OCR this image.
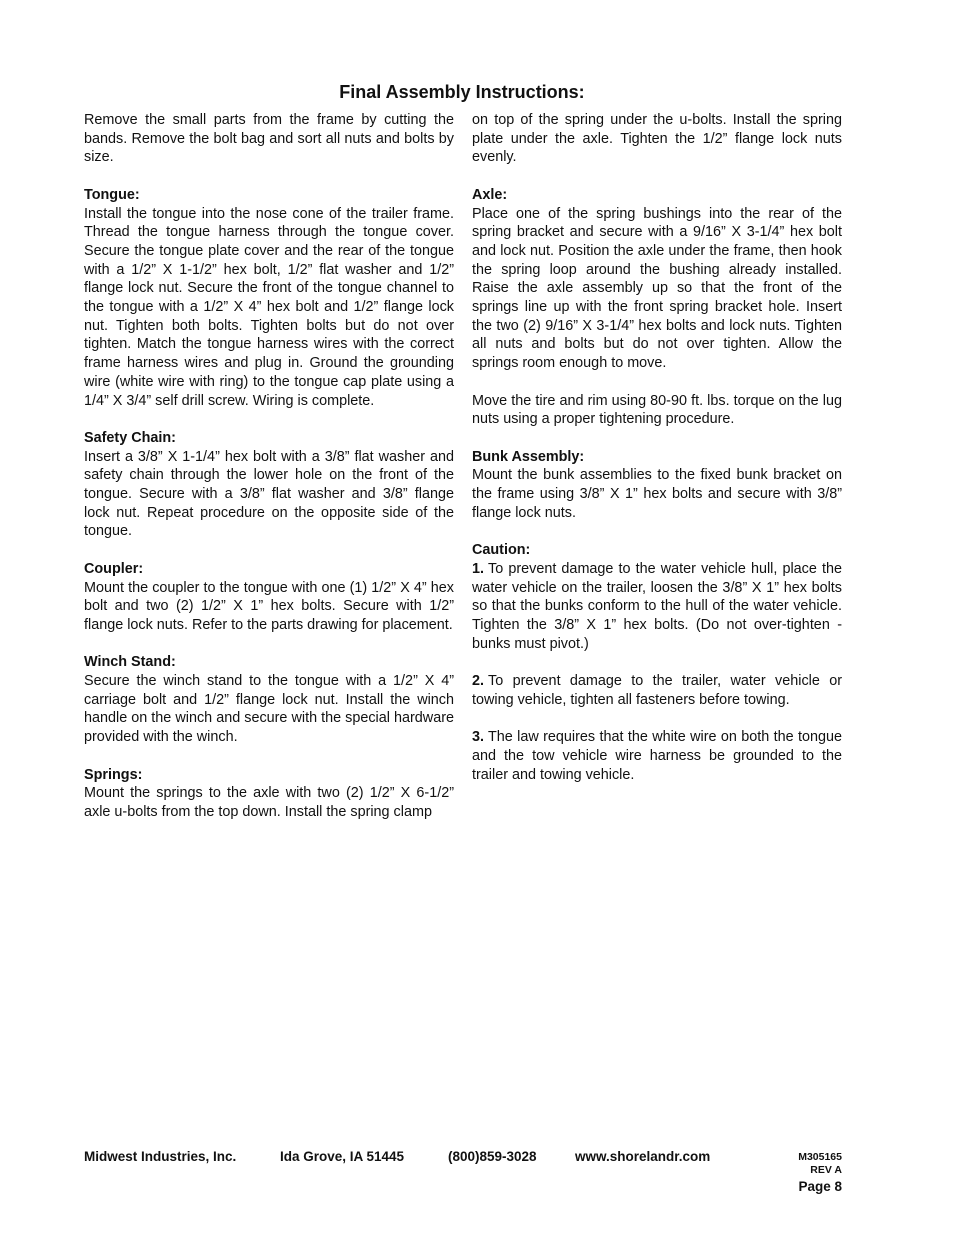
Final Assembly Instructions:

Remove the small parts from the frame by cutting the bands. Remove the bolt bag and sort all nuts and bolts by size.

Tongue:

Install the tongue into the nose cone of the trailer frame. Thread the tongue harness through the tongue cover. Secure the tongue plate cover and the rear of the tongue with a 1/2” X 1-1/2” hex bolt, 1/2” flat washer and 1/2” flange lock nut. Secure the front of the tongue channel to the tongue with a 1/2” X 4” hex bolt and 1/2” flange lock nut. Tighten both bolts. Tighten bolts but do not over tighten. Match the tongue harness wires with the correct frame harness wires and plug in. Ground the grounding wire (white wire with ring) to the tongue cap plate using a 1/4” X 3/4” self drill screw. Wiring is complete.

Safety Chain:

Insert a 3/8” X 1-1/4” hex bolt with a 3/8” flat washer and safety chain through the lower hole on the front of the tongue. Secure with a 3/8” flat washer and 3/8” flange lock nut. Repeat procedure on the opposite side of the tongue.

Coupler:

Mount the coupler to the tongue with one (1) 1/2” X 4” hex bolt and two (2) 1/2” X 1” hex bolts. Secure with 1/2” flange lock nuts. Refer to the parts drawing for placement.

Winch Stand:

Secure the winch stand to the tongue with a 1/2” X 4” carriage bolt and 1/2” flange lock nut. Install the winch handle on the winch and secure with the special hardware provided with the winch.

Springs:

Mount the springs to the axle with two (2) 1/2” X 6-1/2” axle u-bolts from the top down. Install the spring clamp

on top of the spring under the u-bolts. Install the spring plate under the axle. Tighten the 1/2” flange lock nuts evenly.

Axle:

Place one of the spring bushings into the rear of the spring bracket and secure with a 9/16” X 3-1/4” hex bolt and lock nut. Position the axle under the frame, then hook the spring loop around the bushing already installed. Raise the axle assembly up so that the front of the springs line up with the front spring bracket hole. Insert the two (2) 9/16” X 3-1/4” hex bolts and lock nuts. Tighten all nuts and bolts but do not over tighten. Allow the springs room enough to move.

Move the tire and rim using 80-90 ft. lbs. torque on the lug nuts using a proper tightening procedure.

Bunk Assembly:

Mount the bunk assemblies to the fixed bunk bracket on the frame using 3/8” X 1” hex bolts and secure with 3/8” flange lock nuts.

Caution:

1. To prevent damage to the water vehicle hull, place the water vehicle on the trailer, loosen the 3/8” X 1” hex bolts so that the bunks conform to the hull of the water vehicle. Tighten the 3/8” X 1” hex bolts. (Do not over-tighten - bunks must pivot.)

2. To prevent damage to the trailer, water vehicle or towing vehicle, tighten all fasteners before towing.

3. The law requires that the white wire on both the tongue and the tow vehicle wire harness be grounded to the trailer and towing vehicle.

Midwest Industries, Inc.	Ida Grove, IA 51445	(800)859-3028	www.shorelandr.com	M305165
REV A
Page 8
